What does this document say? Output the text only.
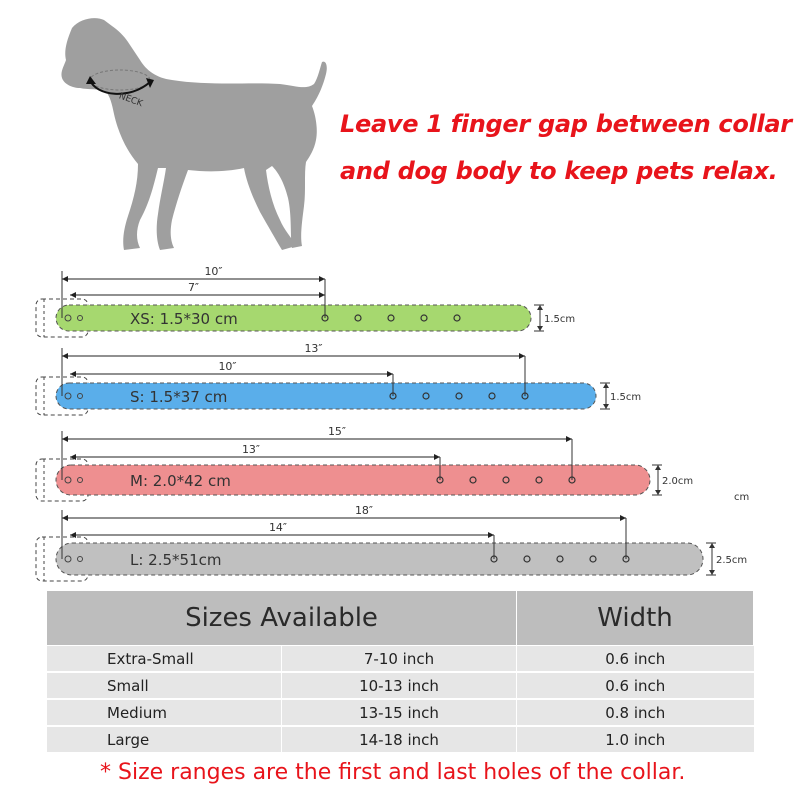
NECK
Leave 1 finger gap between collar
and dog body to keep pets relax.
XS: 1.5*30 cm
10″
7″
1.5cm
S: 1.5*37 cm
13″
10″
1.5cm
M: 2.0*42 cm
15″
13″
2.0cm
cm
L: 2.5*51cm
18″
14″
2.5cm
Sizes Available		Width
Extra-Small	7-10 inch	0.6 inch
Small	10-13 inch	0.6 inch
Medium	13-15 inch	0.8 inch
Large	14-18 inch	1.0 inch
* Size ranges are the first and last holes of the collar.
